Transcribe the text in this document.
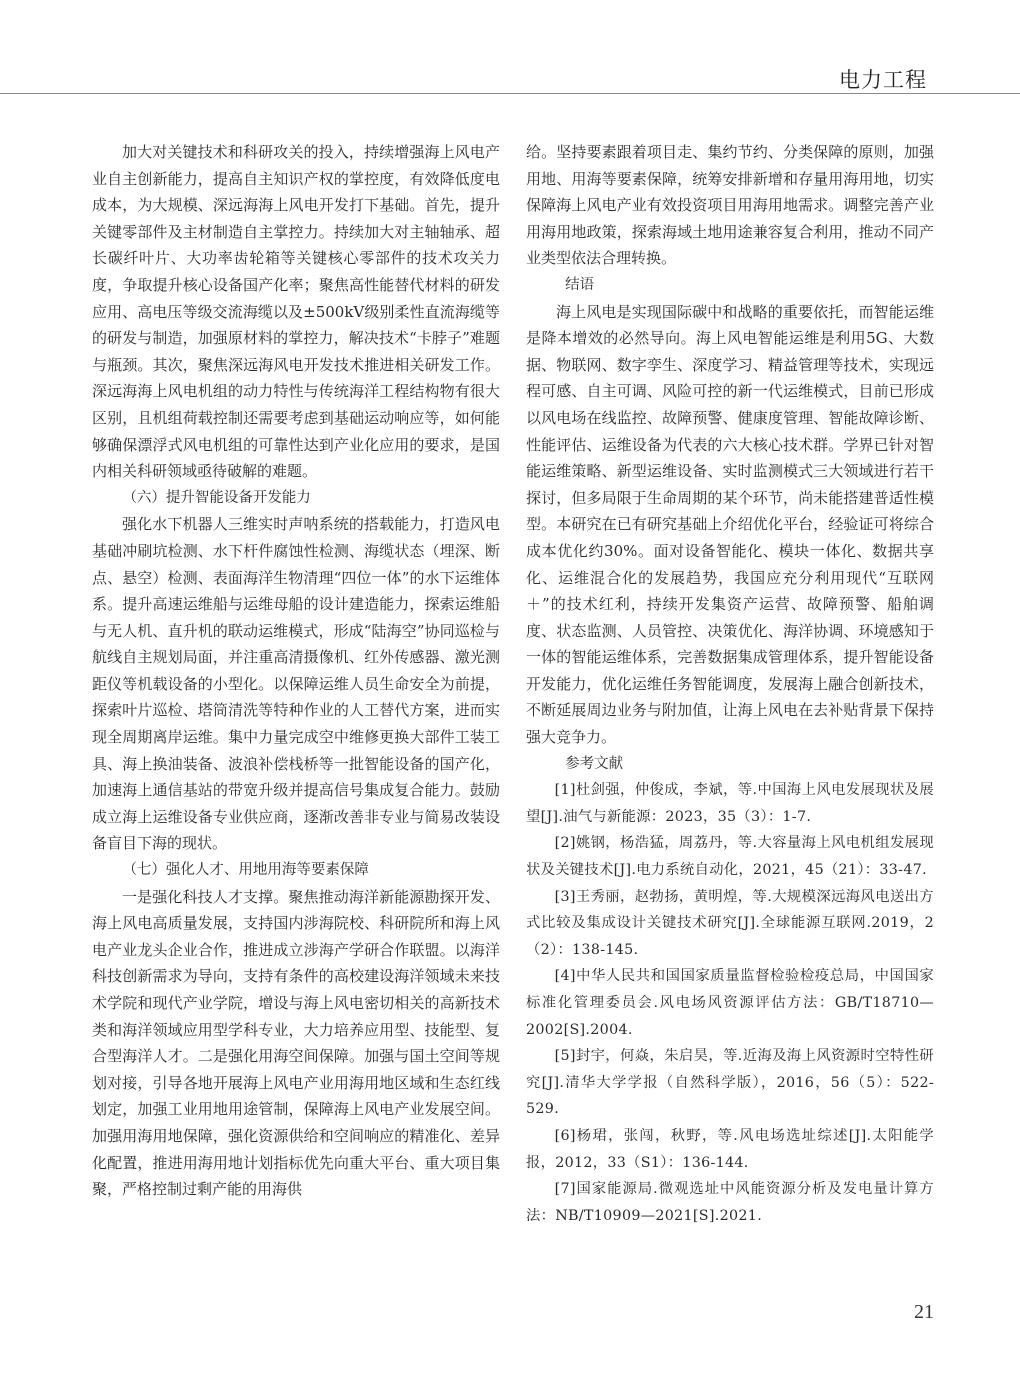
电力工程

加大对关键技术和科研攻关的投入，持续增强海上风电产业自主创新能力，提高自主知识产权的掌控度，有效降低度电成本，为大规模、深远海海上风电开发打下基础。首先，提升关键零部件及主材制造自主掌控力。持续加大对主轴轴承、超长碳纤叶片、大功率齿轮箱等关键核心零部件的技术攻关力度，争取提升核心设备国产化率；聚焦高性能替代材料的研发应用、高电压等级交流海缆以及±500kV级别柔性直流海缆等的研发与制造，加强原材料的掌控力，解决技术“卡脖子”难题与瓶颈。其次，聚焦深远海风电开发技术推进相关研发工作。深远海海上风电机组的动力特性与传统海洋工程结构物有很大区别，且机组荷载控制还需要考虑到基础运动响应等，如何能够确保漂浮式风电机组的可靠性达到产业化应用的要求，是国内相关科研领域亟待破解的难题。

（六）提升智能设备开发能力

强化水下机器人三维实时声呐系统的搭载能力，打造风电基础冲刷坑检测、水下杆件腐蚀性检测、海缆状态（埋深、断点、悬空）检测、表面海洋生物清理“四位一体”的水下运维体系。提升高速运维船与运维母船的设计建造能力，探索运维船与无人机、直升机的联动运维模式，形成“陆海空”协同巡检与航线自主规划局面，并注重高清摄像机、红外传感器、激光测距仪等机载设备的小型化。以保障运维人员生命安全为前提，探索叶片巡检、塔筒清洗等特种作业的人工替代方案，进而实现全周期离岸运维。集中力量完成空中维修更换大部件工装工具、海上换油装备、波浪补偿栈桥等一批智能设备的国产化，加速海上通信基站的带宽升级并提高信号集成复合能力。鼓励成立海上运维设备专业供应商，逐渐改善非专业与简易改装设备盲目下海的现状。

（七）强化人才、用地用海等要素保障

一是强化科技人才支撑。聚焦推动海洋新能源勘探开发、海上风电高质量发展，支持国内涉海院校、科研院所和海上风电产业龙头企业合作，推进成立涉海产学研合作联盟。以海洋科技创新需求为导向，支持有条件的高校建设海洋领域未来技术学院和现代产业学院，增设与海上风电密切相关的高新技术类和海洋领域应用型学科专业，大力培养应用型、技能型、复合型海洋人才。二是强化用海空间保障。加强与国土空间等规划对接，引导各地开展海上风电产业用海用地区域和生态红线划定，加强工业用地用途管制，保障海上风电产业发展空间。加强用海用地保障，强化资源供给和空间响应的精准化、差异化配置，推进用海用地计划指标优先向重大平台、重大项目集聚，严格控制过剩产能的用海供

给。坚持要素跟着项目走、集约节约、分类保障的原则，加强用地、用海等要素保障，统筹安排新增和存量用海用地，切实保障海上风电产业有效投资项目用海用地需求。调整完善产业用海用地政策，探索海域土地用途兼容复合利用，推动不同产业类型依法合理转换。

结语

海上风电是实现国际碳中和战略的重要依托，而智能运维是降本增效的必然导向。海上风电智能运维是利用5G、大数据、物联网、数字孪生、深度学习、精益管理等技术，实现远程可感、自主可调、风险可控的新一代运维模式，目前已形成以风电场在线监控、故障预警、健康度管理、智能故障诊断、性能评估、运维设备为代表的六大核心技术群。学界已针对智能运维策略、新型运维设备、实时监测模式三大领域进行若干探讨，但多局限于生命周期的某个环节，尚未能搭建普适性模型。本研究在已有研究基础上介绍优化平台，经验证可将综合成本优化约30%。面对设备智能化、模块一体化、数据共享化、运维混合化的发展趋势，我国应充分利用现代“互联网＋”的技术红利，持续开发集资产运营、故障预警、船舶调度、状态监测、人员管控、决策优化、海洋协调、环境感知于一体的智能运维体系，完善数据集成管理体系，提升智能设备开发能力，优化运维任务智能调度，发展海上融合创新技术，不断延展周边业务与附加值，让海上风电在去补贴背景下保持强大竞争力。

参考文献

[1]杜剑强，仲俊成，李斌，等.中国海上风电发展现状及展望[J].油气与新能源：2023，35（3）：1-7.

[2]姚钢，杨浩猛，周荔丹，等.大容量海上风电机组发展现状及关键技术[J].电力系统自动化，2021，45（21）：33-47.

[3]王秀丽，赵勃扬，黄明煌，等.大规模深远海风电送出方式比较及集成设计关键技术研究[J].全球能源互联网.2019，2（2）：138-145.

[4]中华人民共和国国家质量监督检验检疫总局，中国国家标准化管理委员会.风电场风资源评估方法：GB/T18710—2002[S].2004.

[5]封宇，何焱，朱启昊，等.近海及海上风资源时空特性研究[J].清华大学学报（自然科学版），2016，56（5）：522-529.

[6]杨珺，张闯，秋野，等.风电场选址综述[J].太阳能学报，2012，33（S1）：136-144.

[7]国家能源局.微观选址中风能资源分析及发电量计算方法：NB/T10909—2021[S].2021.

21
